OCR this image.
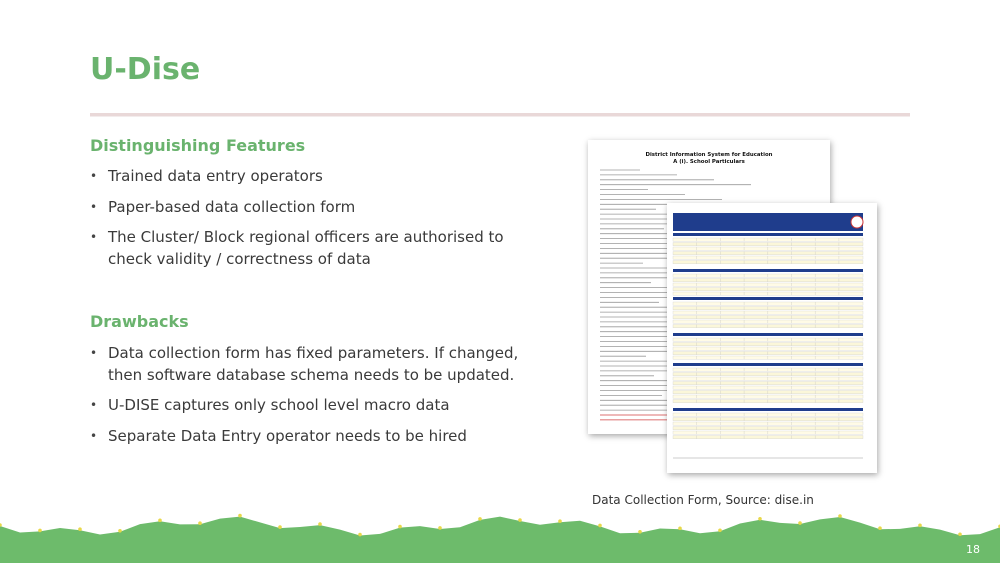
U-Dise
Distinguishing Features
• Trained data entry operators
• Paper-based data collection form
• The Cluster/ Block regional officers are authorised to check validity / correctness of data
Drawbacks
• Data collection form has fixed parameters. If changed, then software database schema needs to be updated.
• U-DISE captures only school level macro data
• Separate Data Entry operator needs to be hired
District Information System for Education
A (i). School Particulars
Data Collection Form, Source: dise.in
18
